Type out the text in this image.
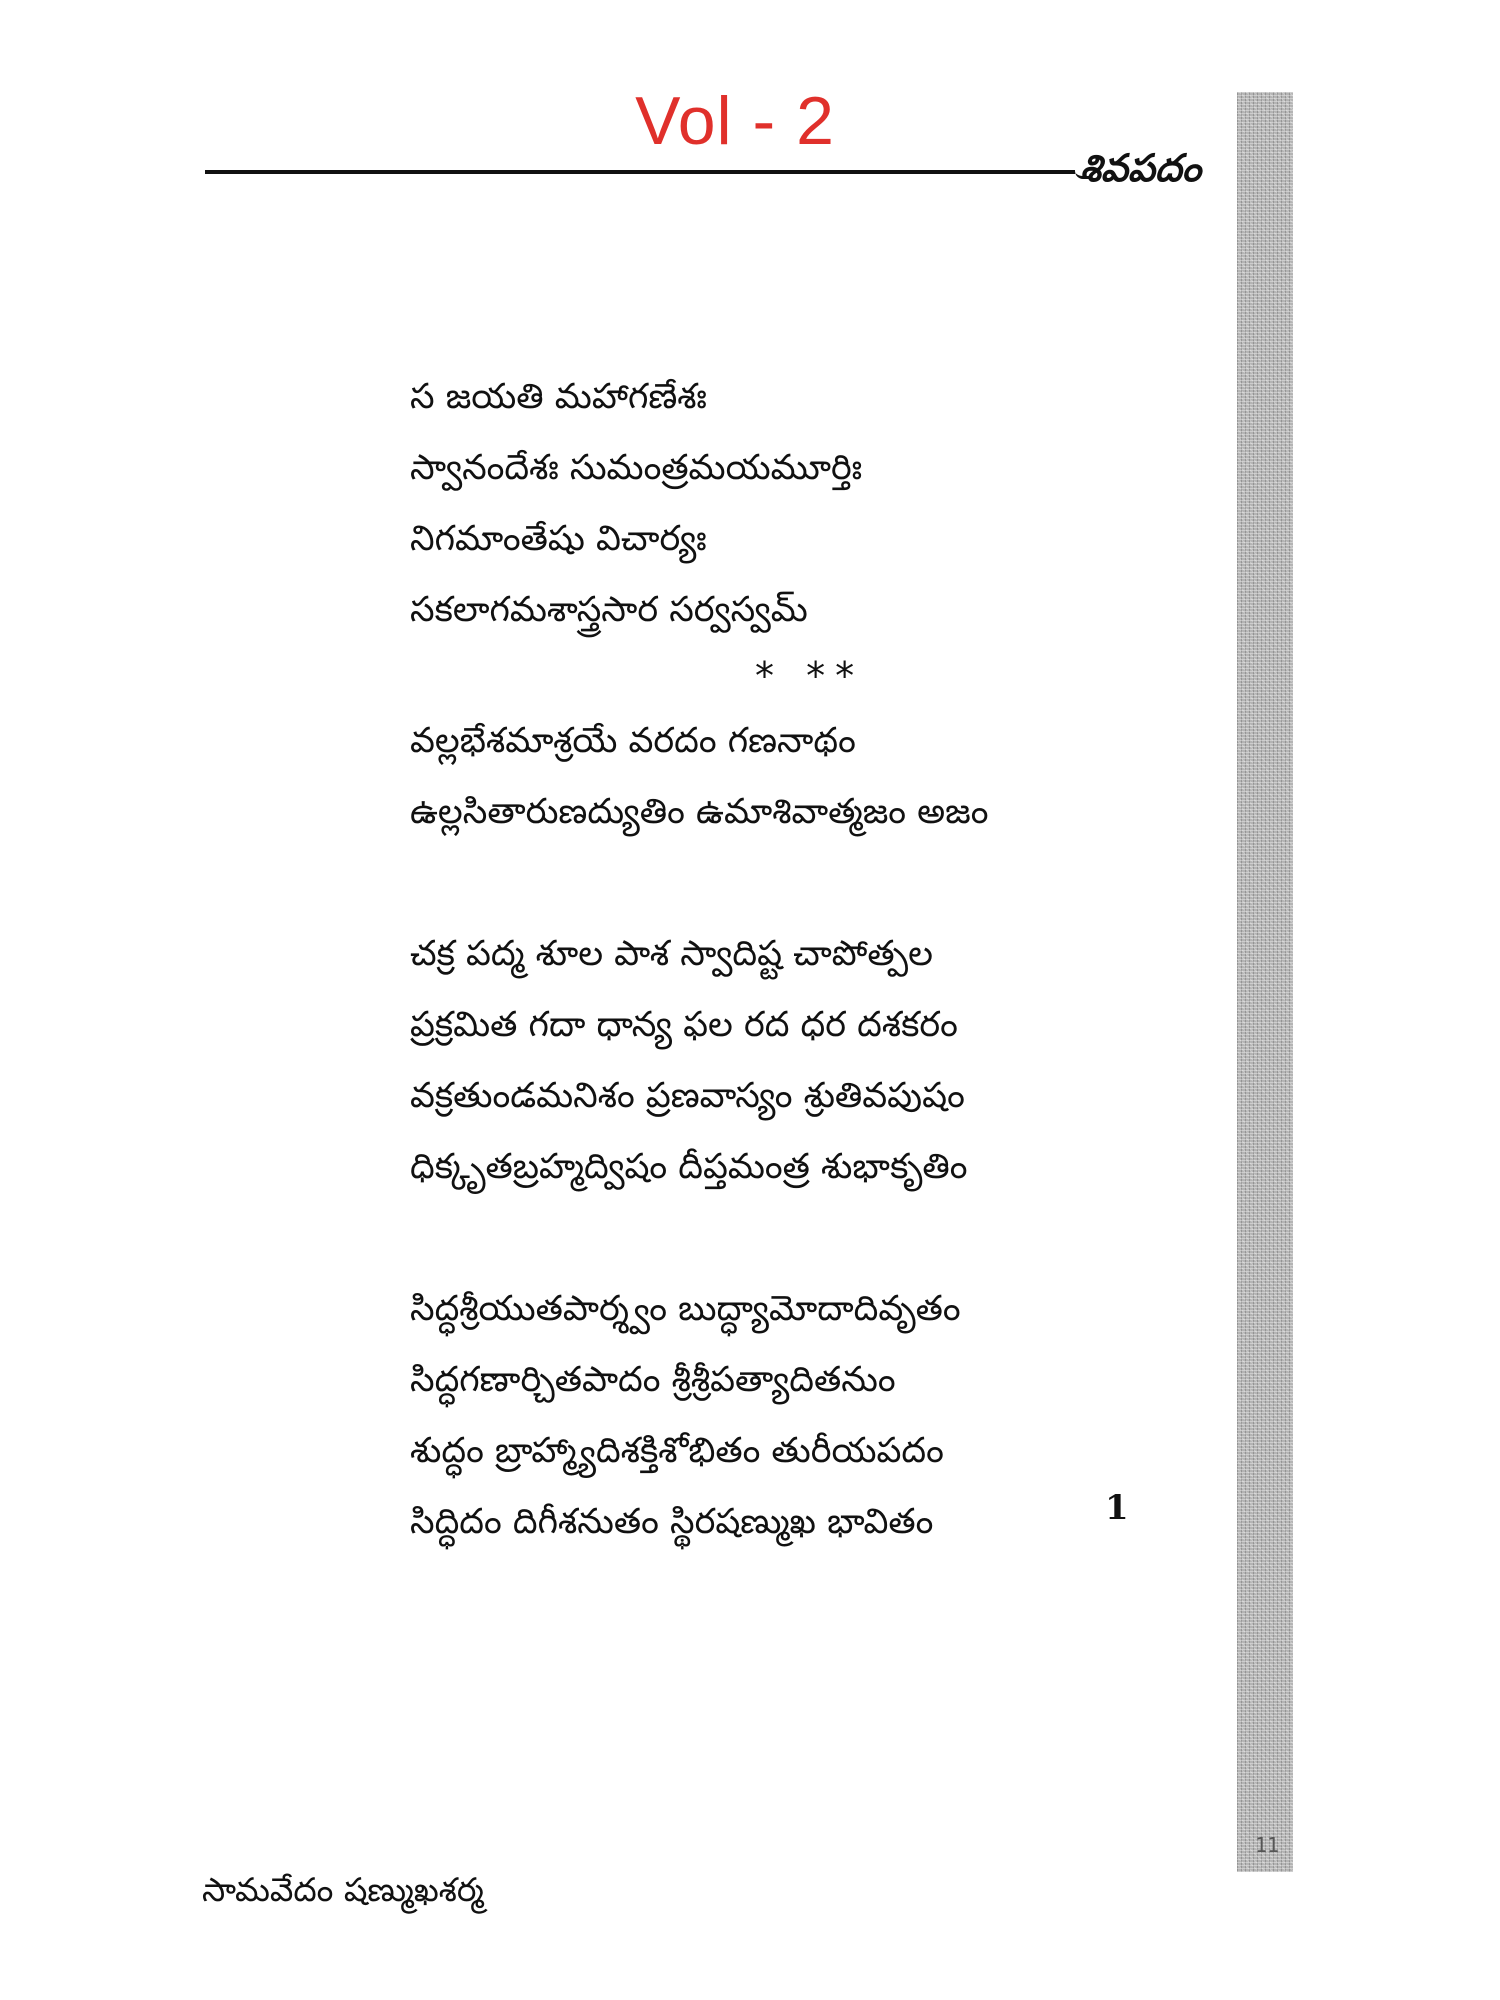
Vol - 2
శివపదం
11
స జయతి మహాగణేశః
స్వానందేశః సుమంత్రమయమూర్తిః
నిగమాంతేషు విచార్యః
సకలాగమశాస్త్రసార సర్వస్వమ్
* **
వల్లభేశమాశ్రయే వరదం గణనాథం
ఉల్లసితారుణద్యుతిం ఉమాశివాత్మజం అజం
చక్ర పద్మ శూల పాశ స్వాదిష్ట చాపోత్పల
ప్రక్రమిత గదా ధాన్య ఫల రద ధర దశకరం
వక్రతుండమనిశం ప్రణవాస్యం శ్రుతివపుషం
ధిక్కృతబ్రహ్మద్విషం దీప్తమంత్ర శుభాకృతిం
సిద్ధశ్రీయుతపార్శ్వం బుద్ధ్యామోదాదివృతం
సిద్ధగణార్చితపాదం శ్రీశ్రీపత్యాదితనుం
శుద్ధం బ్రాహ్మ్యాదిశక్తిశోభితం తురీయపదం
సిద్ధిదం దిగీశనుతం స్థిరషణ్ముఖ భావితం	1
సామవేదం షణ్ముఖశర్మ
